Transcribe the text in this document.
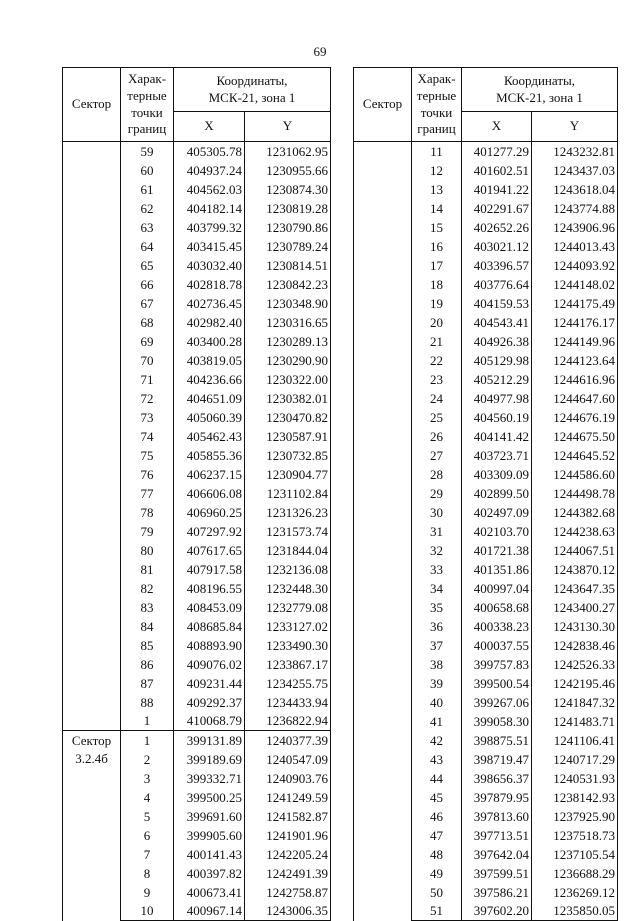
69
Сектор	Харак-терные точки границ	Координаты,
МСК-21, зона 1	
		X	Y
	59	405305.78	1231062.95
	60	404937.24	1230955.66
	61	404562.03	1230874.30
	62	404182.14	1230819.28
	63	403799.32	1230790.86
	64	403415.45	1230789.24
	65	403032.40	1230814.51
	66	402818.78	1230842.23
	67	402736.45	1230348.90
	68	402982.40	1230316.65
	69	403400.28	1230289.13
	70	403819.05	1230290.90
	71	404236.66	1230322.00
	72	404651.09	1230382.01
	73	405060.39	1230470.82
	74	405462.43	1230587.91
	75	405855.36	1230732.85
	76	406237.15	1230904.77
	77	406606.08	1231102.84
	78	406960.25	1231326.23
	79	407297.92	1231573.74
	80	407617.65	1231844.04
	81	407917.58	1232136.08
	82	408196.55	1232448.30
	83	408453.09	1232779.08
	84	408685.84	1233127.02
	85	408893.90	1233490.30
	86	409076.02	1233867.17
	87	409231.44	1234255.75
	88	409292.37	1234433.94
	1	410068.79	1236822.94
Сектор 3.2.4б	1	399131.89	1240377.39
	2	399189.69	1240547.09
	3	399332.71	1240903.76
	4	399500.25	1241249.59
	5	399691.60	1241582.87
	6	399905.60	1241901.96
	7	400141.43	1242205.24
	8	400397.82	1242491.39
	9	400673.41	1242758.87
	10	400967.14	1243006.35
Сектор	Харак-терные точки границ	Координаты,
МСК-21, зона 1	
		X	Y
	11	401277.29	1243232.81
	12	401602.51	1243437.03
	13	401941.22	1243618.04
	14	402291.67	1243774.88
	15	402652.26	1243906.96
	16	403021.12	1244013.43
	17	403396.57	1244093.92
	18	403776.64	1244148.02
	19	404159.53	1244175.49
	20	404543.41	1244176.17
	21	404926.38	1244149.96
	22	405129.98	1244123.64
	23	405212.29	1244616.96
	24	404977.98	1244647.60
	25	404560.19	1244676.19
	26	404141.42	1244675.50
	27	403723.71	1244645.52
	28	403309.09	1244586.60
	29	402899.50	1244498.78
	30	402497.09	1244382.68
	31	402103.70	1244238.63
	32	401721.38	1244067.51
	33	401351.86	1243870.12
	34	400997.04	1243647.35
	35	400658.68	1243400.27
	36	400338.23	1243130.30
	37	400037.55	1242838.46
	38	399757.83	1242526.33
	39	399500.54	1242195.46
	40	399267.06	1241847.32
	41	399058.30	1241483.71
	42	398875.51	1241106.41
	43	398719.47	1240717.29
	44	398656.37	1240531.93
	45	397879.95	1238142.93
	46	397813.60	1237925.90
	47	397713.51	1237518.73
	48	397642.04	1237105.54
	49	397599.51	1236688.29
	50	397586.21	1236269.12
	51	397602.20	1235850.05
